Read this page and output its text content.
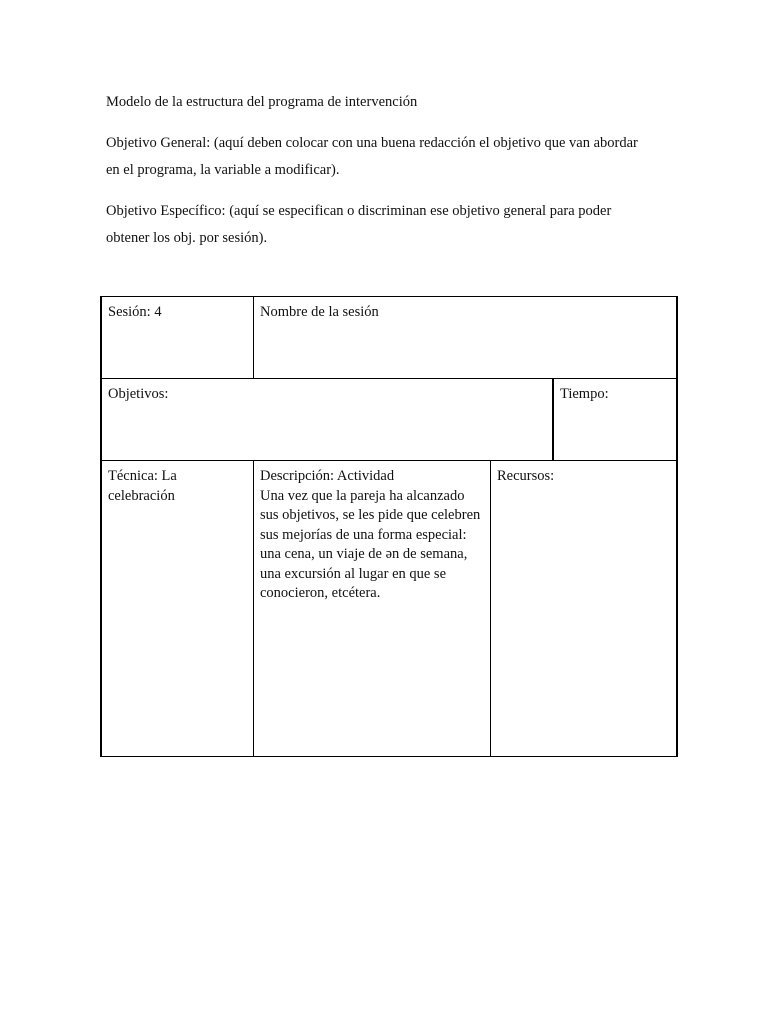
Modelo de la estructura del programa de intervención

Objetivo General: (aquí deben colocar con una buena redacción el objetivo que van abordar en el programa, la variable a modificar).

Objetivo Específico: (aquí se especifican o discriminan ese objetivo general para poder obtener los obj. por sesión).

Sesión: 4	Nombre de la sesión
Objetivos:	Tiempo:
Técnica: La celebración
Descripción: Actividad
Una vez que la pareja ha alcanzado sus objetivos, se les pide que celebren sus mejorías de una forma especial: una cena, un viaje de ən de semana, una excursión al lugar en que se conocieron, etcétera.
Recursos:
